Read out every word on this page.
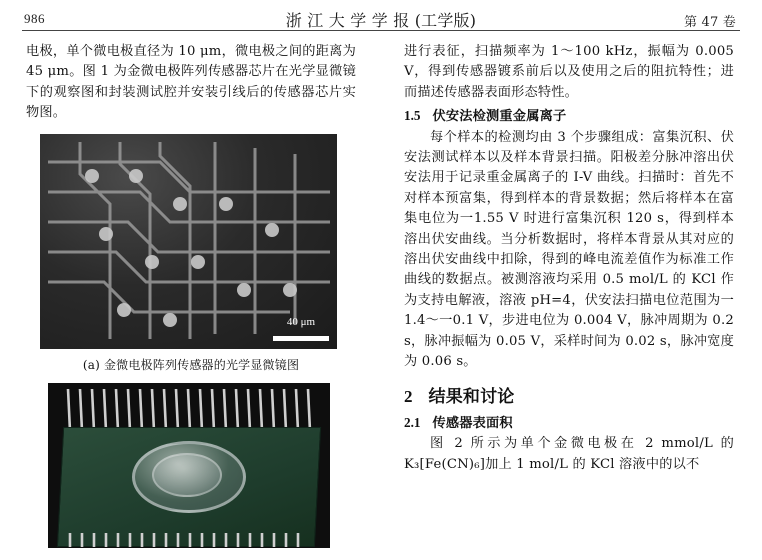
986	浙 江 大 学 学 报 (工学版)	第 47 卷

电极，单个微电极直径为 10 μm，微电极之间的距离为 45 μm。图 1 为金微电极阵列传感器芯片在光学显微镜下的观察图和封装测试腔并安装引线后的传感器芯片实物图。

40 μm
(a) 金微电极阵列传感器的光学显微镜图

进行表征，扫描频率为 1～100 kHz，振幅为 0.005 V，得到传感器镀系前后以及使用之后的阻抗特性；进而描述传感器表面形态特性。

1.5 伏安法检测重金属离子

每个样本的检测均由 3 个步骤组成：富集沉积、伏安法测试样本以及样本背景扫描。阳极差分脉冲溶出伏安法用于记录重金属离子的 I-V 曲线。扫描时：首先不对样本预富集，得到样本的背景数据；然后将样本在富集电位为一1.55 V 时进行富集沉积 120 s，得到样本溶出伏安曲线。当分析数据时，将样本背景从其对应的溶出伏安曲线中扣除，得到的峰电流差值作为标准工作曲线的数据点。被测溶液均采用 0.5 mol/L 的 KCl 作为支持电解液，溶液 pH=4，伏安法扫描电位范围为一1.4～一0.1 V，步进电位为 0.004 V，脉冲周期为 0.2 s，脉冲振幅为 0.05 V，采样时间为 0.02 s，脉冲宽度为 0.06 s。

2 结果和讨论
2.1 传感器表面积

图 2 所示为单个金微电极在 2 mmol/L 的 K₃[Fe(CN)₆]加上 1 mol/L 的 KCl 溶液中的以不
